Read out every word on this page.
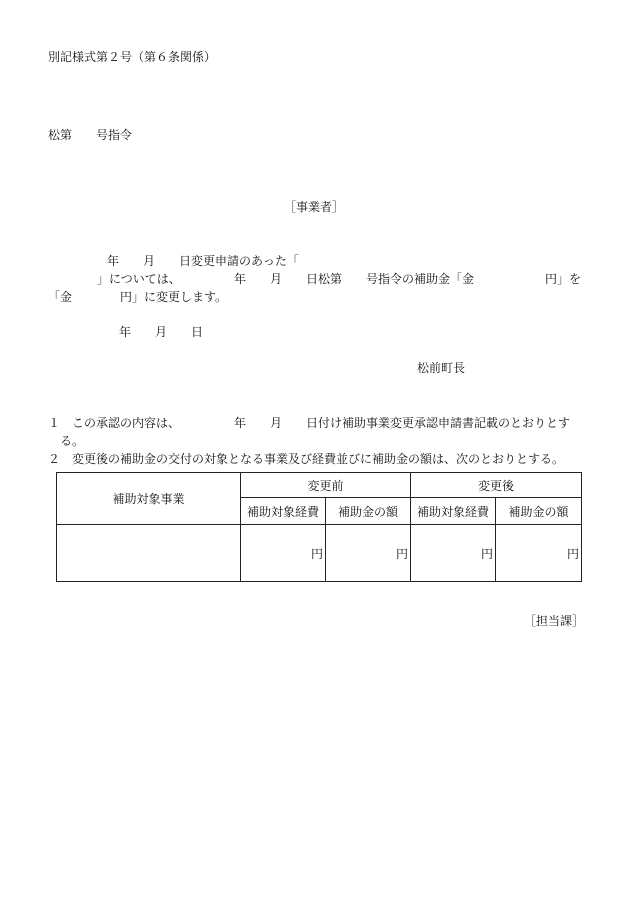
別記様式第２号（第６条関係）
松第　　号指令
［事業者］
年　　月　　日変更申請のあった「
」については、	年　　月　　日松第　　号指令の補助金「金	円」を
「金	円」に変更します。
年　　月　　日
松前町長
１ この承認の内容は、	年　　月　　日付け補助事業変更承認申請書記載のとおりとす
る。
２ 変更後の補助金の交付の対象となる事業及び経費並びに補助金の額は、次のとおりとする。
補助対象事業	変更前		変更後	
	補助対象経費	補助金の額	補助対象経費	補助金の額
	円	円	円	円
［担当課］
